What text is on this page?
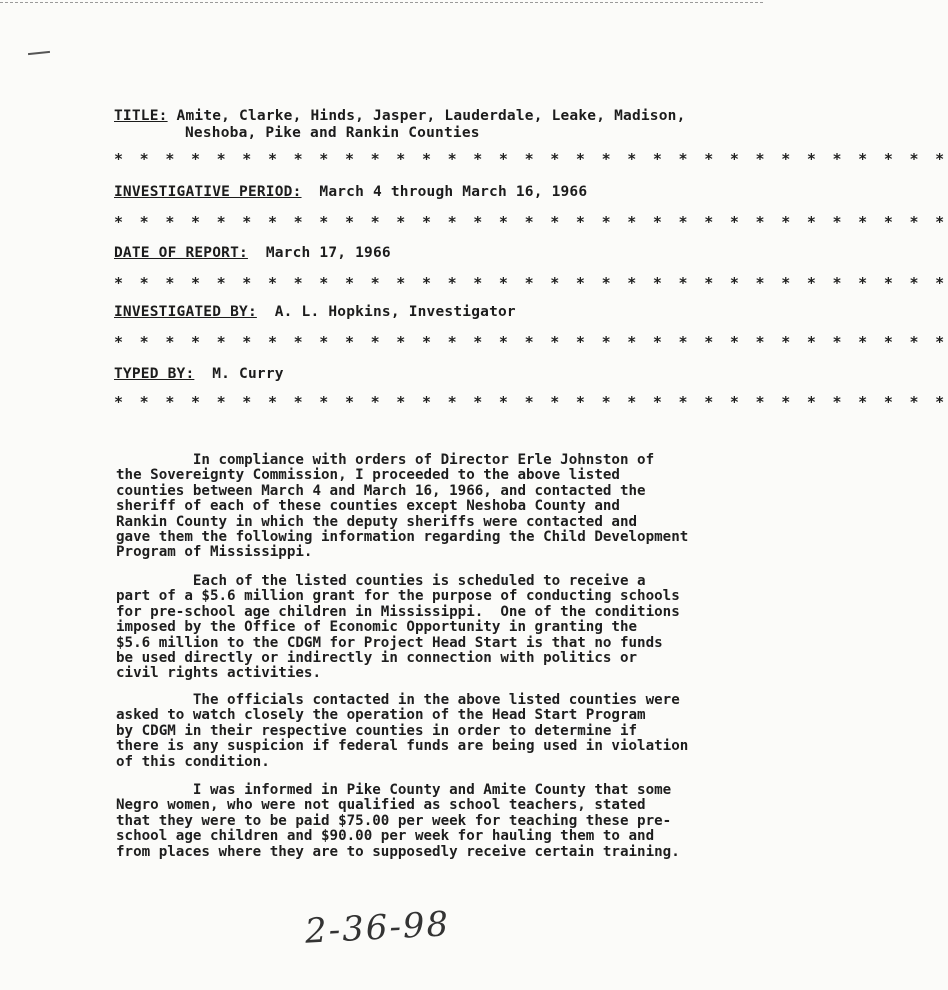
TITLE: Amite, Clarke, Hinds, Jasper, Lauderdale, Leake, Madison,
Neshoba, Pike and Rankin Counties
* * * * * * * * * * * * * * * * * * * * * * * * * * * * * * * * *
INVESTIGATIVE PERIOD:  March 4 through March 16, 1966
* * * * * * * * * * * * * * * * * * * * * * * * * * * * * * * * *
DATE OF REPORT:  March 17, 1966
* * * * * * * * * * * * * * * * * * * * * * * * * * * * * * * * *
INVESTIGATED BY:  A. L. Hopkins, Investigator
* * * * * * * * * * * * * * * * * * * * * * * * * * * * * * * * *
TYPED BY:  M. Curry
* * * * * * * * * * * * * * * * * * * * * * * * * * * * * * * * *
In compliance with orders of Director Erle Johnston of
the Sovereignty Commission, I proceeded to the above listed
counties between March 4 and March 16, 1966, and contacted the
sheriff of each of these counties except Neshoba County and
Rankin County in which the deputy sheriffs were contacted and
gave them the following information regarding the Child Development
Program of Mississippi.
Each of the listed counties is scheduled to receive a
part of a $5.6 million grant for the purpose of conducting schools
for pre-school age children in Mississippi.  One of the conditions
imposed by the Office of Economic Opportunity in granting the
$5.6 million to the CDGM for Project Head Start is that no funds
be used directly or indirectly in connection with politics or
civil rights activities.
The officials contacted in the above listed counties were
asked to watch closely the operation of the Head Start Program
by CDGM in their respective counties in order to determine if
there is any suspicion if federal funds are being used in violation
of this condition.
I was informed in Pike County and Amite County that some
Negro women, who were not qualified as school teachers, stated
that they were to be paid $75.00 per week for teaching these pre-
school age children and $90.00 per week for hauling them to and
from places where they are to supposedly receive certain training.
2-36-98
